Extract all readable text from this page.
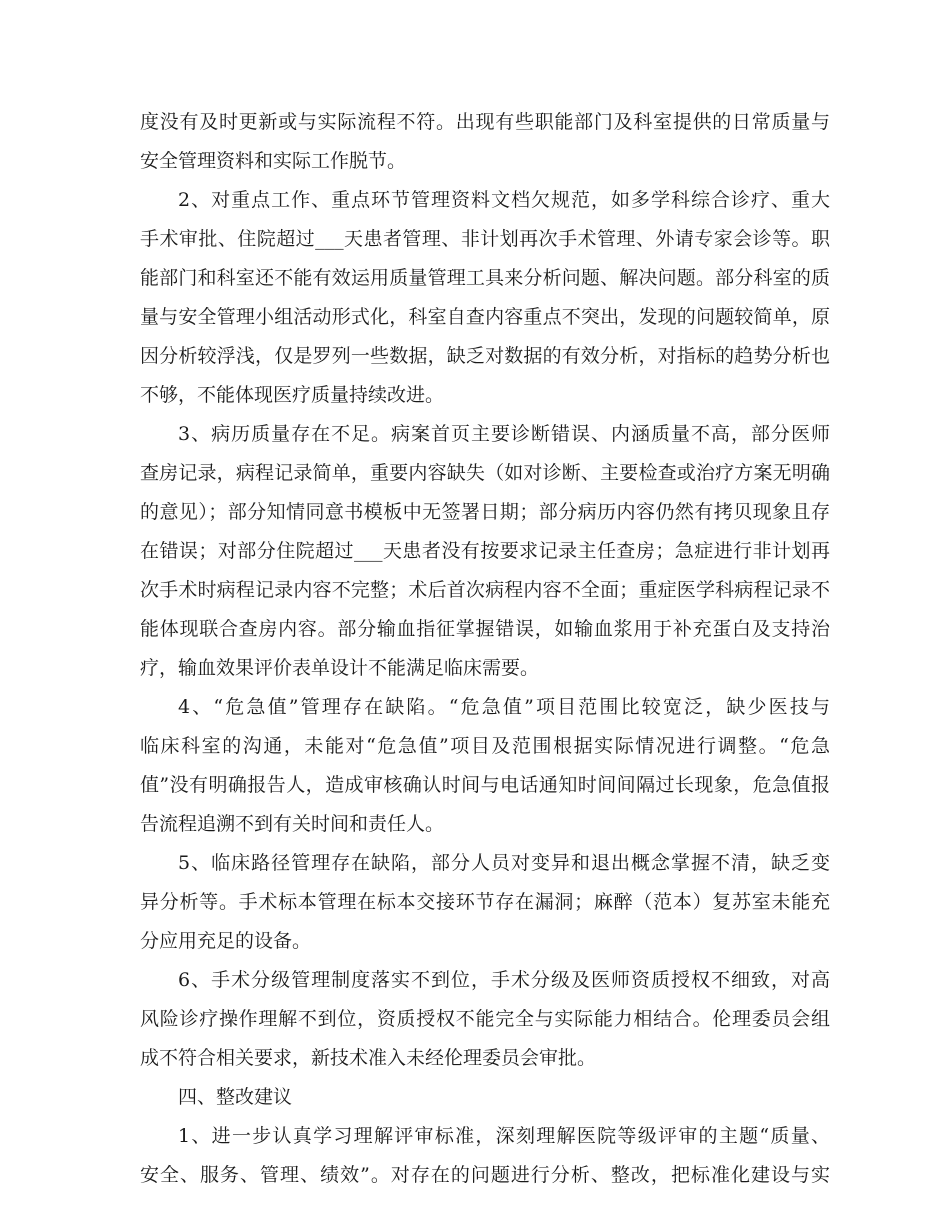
度没有及时更新或与实际流程不符。出现有些职能部门及科室提供的日常质量与
安全管理资料和实际工作脱节。
2、对重点工作、重点环节管理资料文档欠规范，如多学科综合诊疗、重大
手术审批、住院超过___天患者管理、非计划再次手术管理、外请专家会诊等。职
能部门和科室还不能有效运用质量管理工具来分析问题、解决问题。部分科室的质
量与安全管理小组活动形式化，科室自查内容重点不突出，发现的问题较简单，原
因分析较浮浅，仅是罗列一些数据，缺乏对数据的有效分析，对指标的趋势分析也
不够，不能体现医疗质量持续改进。
3、病历质量存在不足。病案首页主要诊断错误、内涵质量不高，部分医师
查房记录，病程记录简单，重要内容缺失（如对诊断、主要检查或治疗方案无明确
的意见）；部分知情同意书模板中无签署日期；部分病历内容仍然有拷贝现象且存
在错误；对部分住院超过___天患者没有按要求记录主任查房；急症进行非计划再
次手术时病程记录内容不完整；术后首次病程内容不全面；重症医学科病程记录不
能体现联合查房内容。部分输血指征掌握错误，如输血浆用于补充蛋白及支持治
疗，输血效果评价表单设计不能满足临床需要。
4、“危急值”管理存在缺陷。“危急值”项目范围比较宽泛，缺少医技与
临床科室的沟通，未能对“危急值”项目及范围根据实际情况进行调整。“危急
值”没有明确报告人，造成审核确认时间与电话通知时间间隔过长现象，危急值报
告流程追溯不到有关时间和责任人。
5、临床路径管理存在缺陷，部分人员对变异和退出概念掌握不清，缺乏变
异分析等。手术标本管理在标本交接环节存在漏洞；麻醉（范本）复苏室未能充
分应用充足的设备。
6、手术分级管理制度落实不到位，手术分级及医师资质授权不细致，对高
风险诊疗操作理解不到位，资质授权不能完全与实际能力相结合。伦理委员会组
成不符合相关要求，新技术准入未经伦理委员会审批。
四、整改建议
1、进一步认真学习理解评审标准，深刻理解医院等级评审的主题“质量、
安全、服务、管理、绩效”。对存在的问题进行分析、整改，把标准化建设与实
